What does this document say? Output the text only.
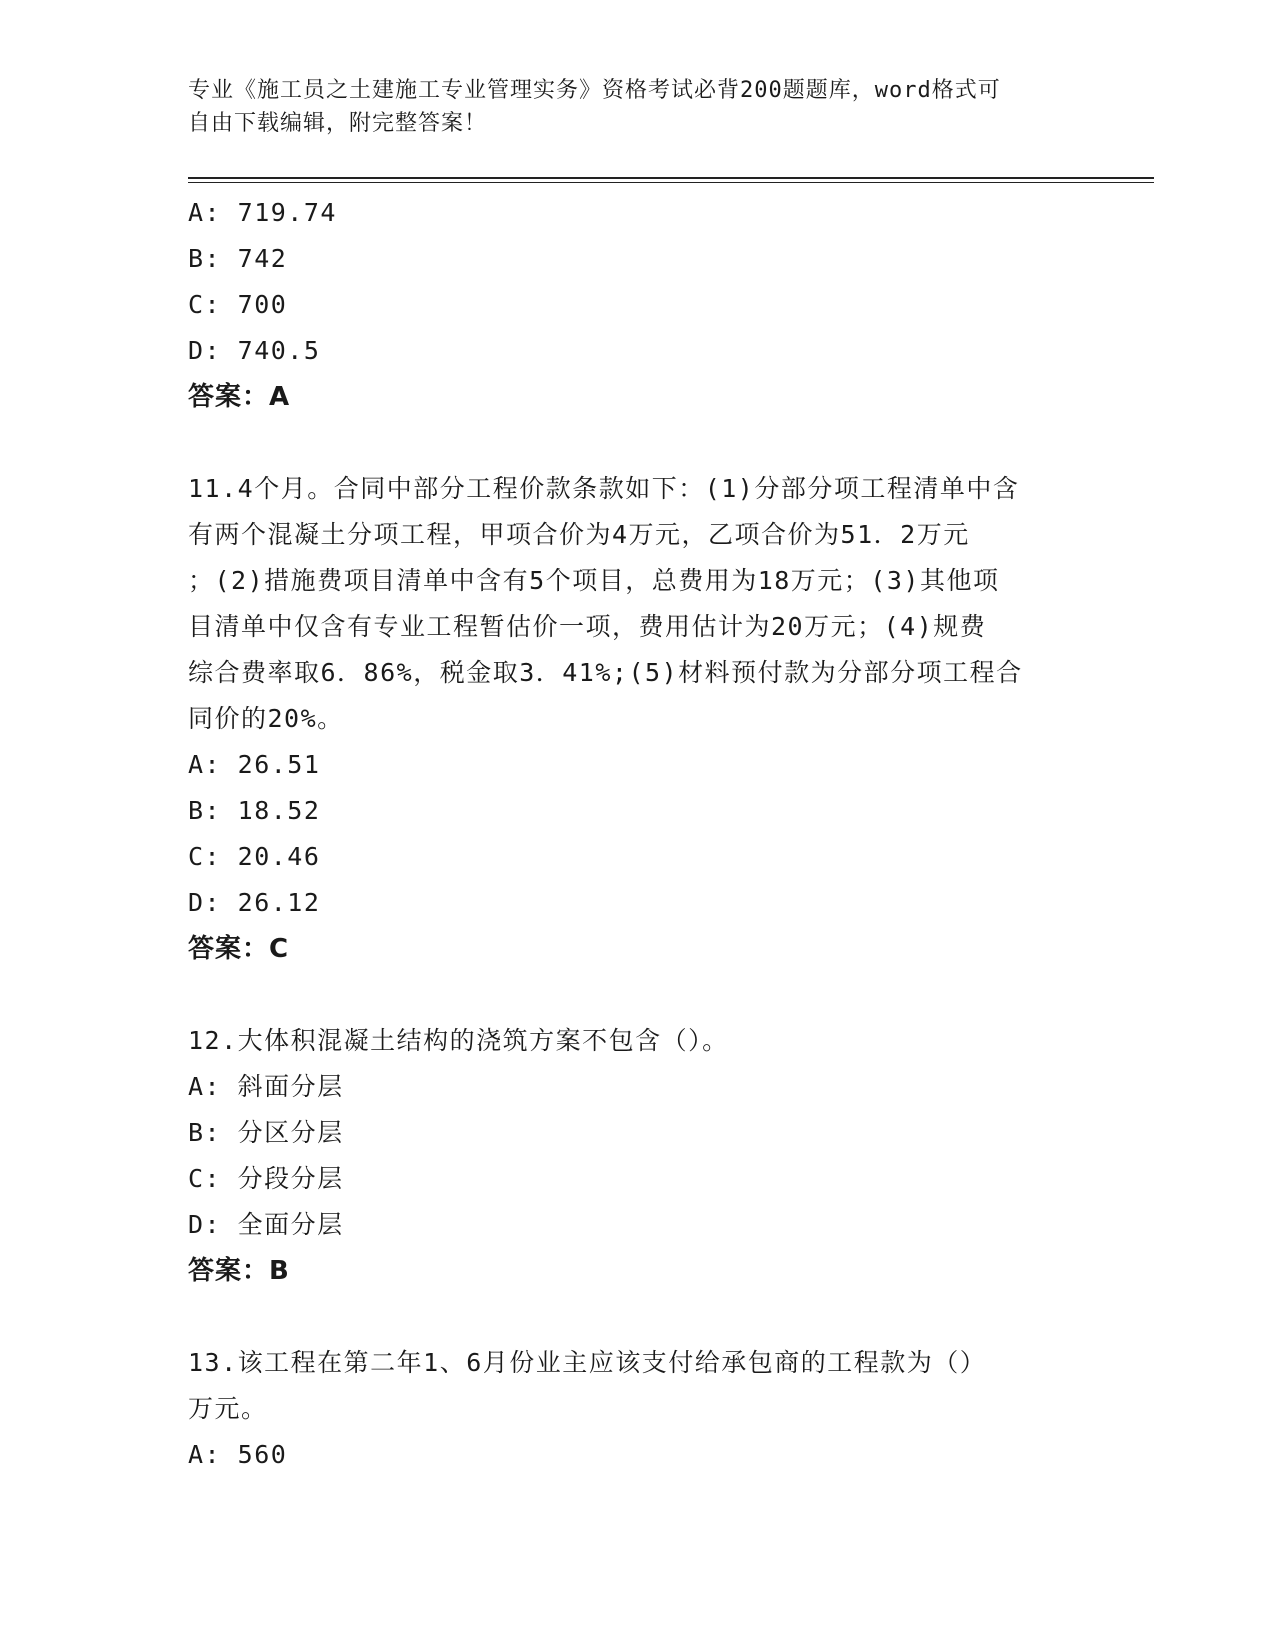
专业《施工员之土建施工专业管理实务》资格考试必背200题题库，word格式可
自由下载编辑，附完整答案！
A: 719.74
B: 742
C: 700
D: 740.5
答案：A
11.4个月。合同中部分工程价款条款如下：(1)分部分项工程清单中含
有两个混凝土分项工程，甲项合价为4万元，乙项合价为51．2万元
；(2)措施费项目清单中含有5个项目，总费用为18万元；(3)其他项
目清单中仅含有专业工程暂估价一项，费用估计为20万元；(4)规费
综合费率取6．86%，税金取3．41%;(5)材料预付款为分部分项工程合
同价的20%。
A: 26.51
B: 18.52
C: 20.46
D: 26.12
答案：C
12.大体积混凝土结构的浇筑方案不包含（）。
A: 斜面分层
B: 分区分层
C: 分段分层
D: 全面分层
答案：B
13.该工程在第二年1、6月份业主应该支付给承包商的工程款为（）
万元。
A: 560
